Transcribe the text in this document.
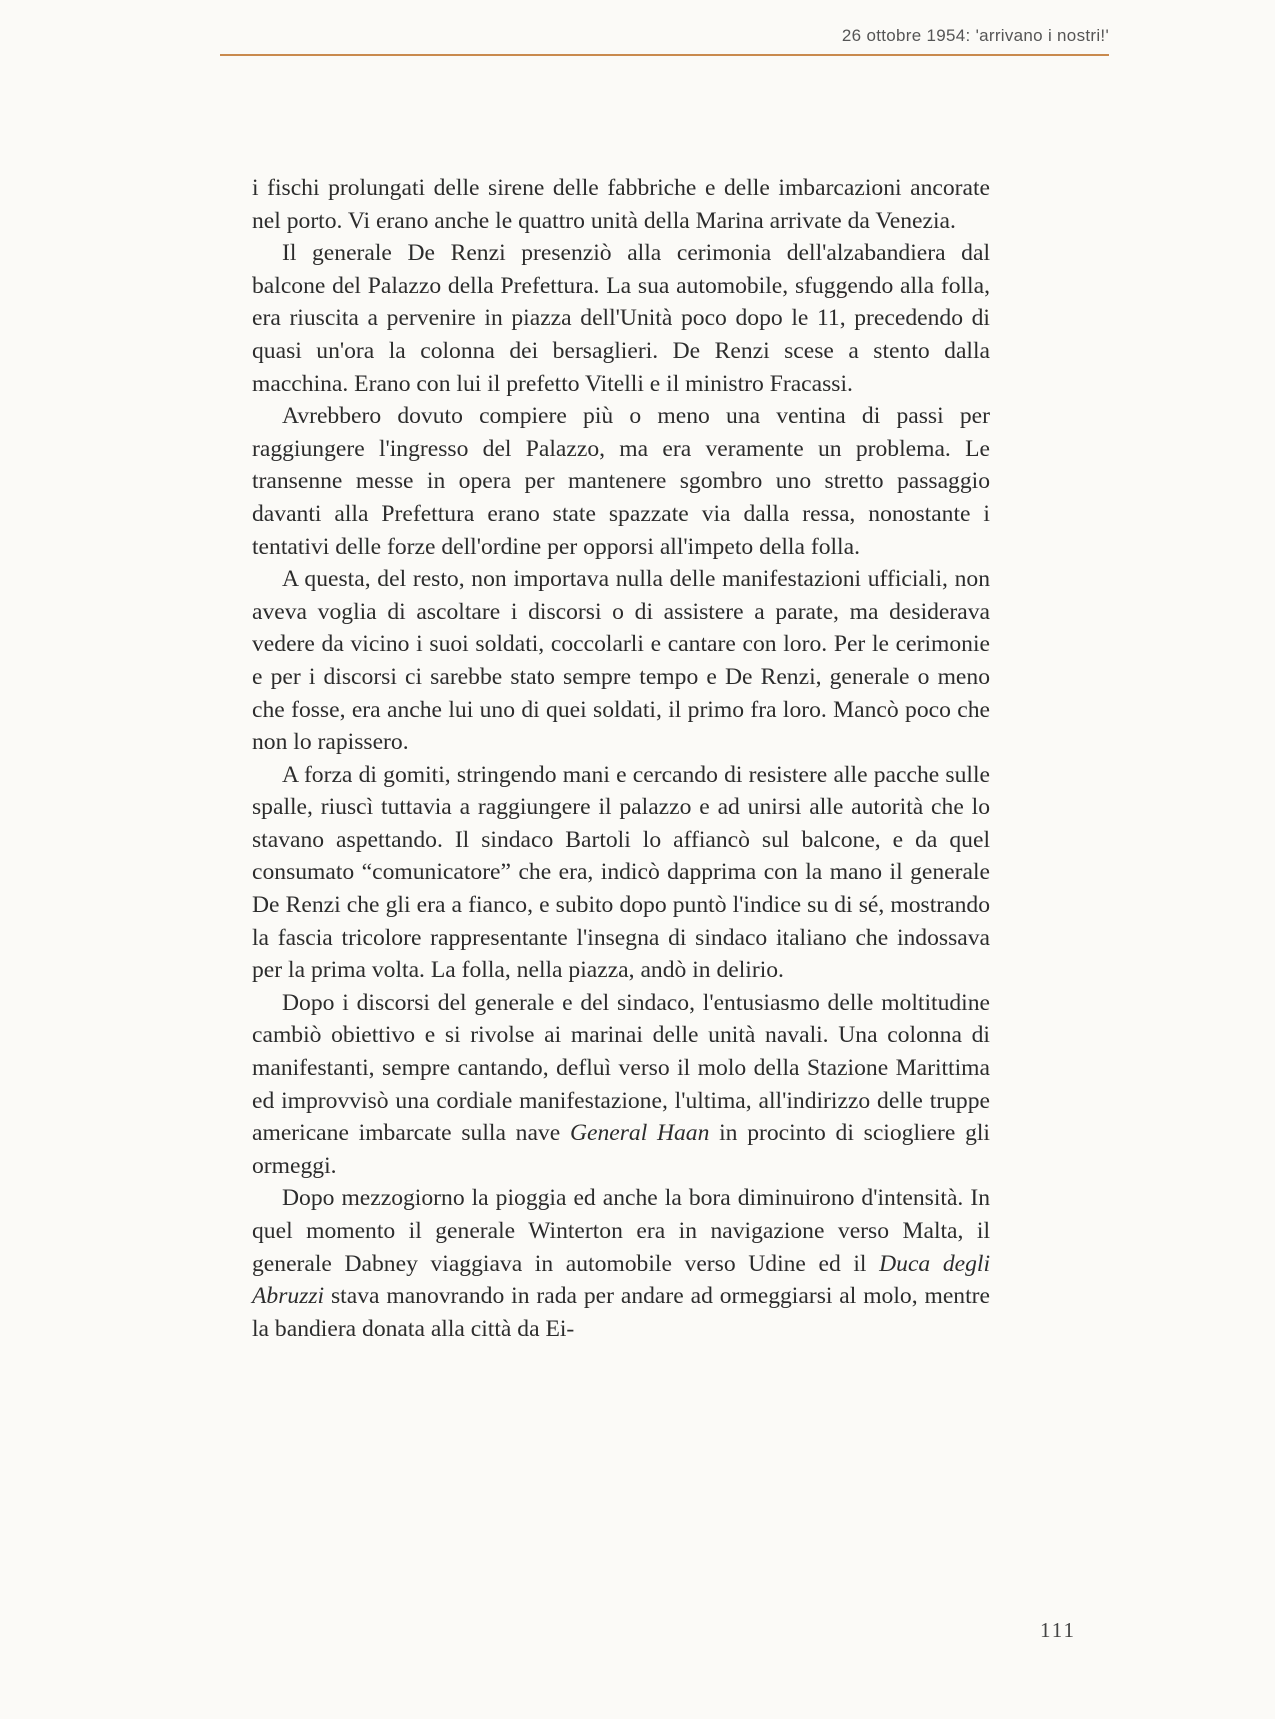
26 ottobre 1954: 'arrivano i nostri!'

i fischi prolungati delle sirene delle fabbriche e delle imbarcazioni ancorate nel porto. Vi erano anche le quattro unità della Marina arrivate da Venezia.

Il generale De Renzi presenziò alla cerimonia dell'alzabandiera dal balcone del Palazzo della Prefettura. La sua automobile, sfuggendo alla folla, era riuscita a pervenire in piazza dell'Unità poco dopo le 11, precedendo di quasi un'ora la colonna dei bersaglieri. De Renzi scese a stento dalla macchina. Erano con lui il prefetto Vitelli e il ministro Fracassi.

Avrebbero dovuto compiere più o meno una ventina di passi per raggiungere l'ingresso del Palazzo, ma era veramente un problema. Le transenne messe in opera per mantenere sgombro uno stretto passaggio davanti alla Prefettura erano state spazzate via dalla ressa, nonostante i tentativi delle forze dell'ordine per opporsi all'impeto della folla.

A questa, del resto, non importava nulla delle manifestazioni ufficiali, non aveva voglia di ascoltare i discorsi o di assistere a parate, ma desiderava vedere da vicino i suoi soldati, coccolarli e cantare con loro. Per le cerimonie e per i discorsi ci sarebbe stato sempre tempo e De Renzi, generale o meno che fosse, era anche lui uno di quei soldati, il primo fra loro. Mancò poco che non lo rapissero.

A forza di gomiti, stringendo mani e cercando di resistere alle pacche sulle spalle, riuscì tuttavia a raggiungere il palazzo e ad unirsi alle autorità che lo stavano aspettando. Il sindaco Bartoli lo affiancò sul balcone, e da quel consumato “comunicatore” che era, indicò dapprima con la mano il generale De Renzi che gli era a fianco, e subito dopo puntò l'indice su di sé, mostrando la fascia tricolore rappresentante l'insegna di sindaco italiano che indossava per la prima volta. La folla, nella piazza, andò in delirio.

Dopo i discorsi del generale e del sindaco, l'entusiasmo delle moltitudine cambiò obiettivo e si rivolse ai marinai delle unità navali. Una colonna di manifestanti, sempre cantando, defluì verso il molo della Stazione Marittima ed improvvisò una cordiale manifestazione, l'ultima, all'indirizzo delle truppe americane imbarcate sulla nave General Haan in procinto di sciogliere gli ormeggi.

Dopo mezzogiorno la pioggia ed anche la bora diminuirono d'intensità. In quel momento il generale Winterton era in navigazione verso Malta, il generale Dabney viaggiava in automobile verso Udine ed il Duca degli Abruzzi stava manovrando in rada per andare ad ormeggiarsi al molo, mentre la bandiera donata alla città da Ei-

111
